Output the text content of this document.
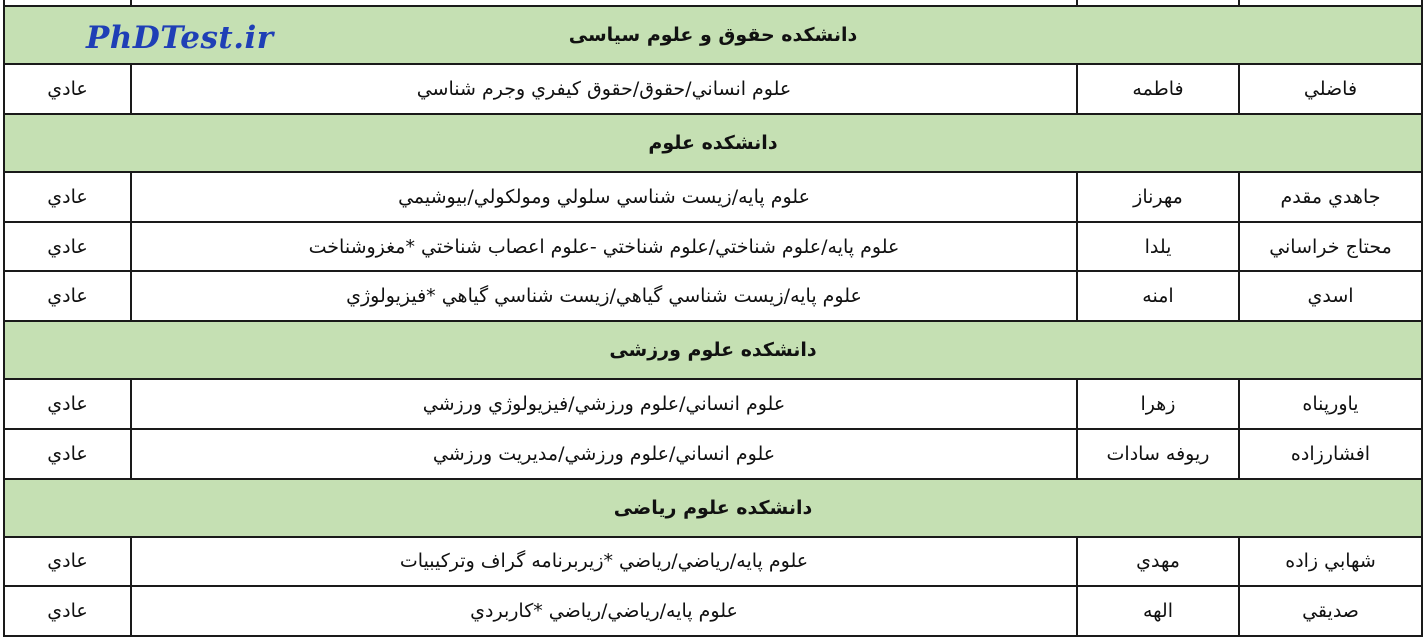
PhDTest.ir
				دانشکده حقوق و علوم سیاسی			
فاضلي	فاطمه	علوم انساني/حقوق/حقوق کيفري وجرم شناسي	عادي
دانشکده علوم			
جاهدي مقدم	مهرناز	علوم پايه/زيست شناسي سلولي ومولکولي/بيوشيمي	عادي
محتاج خراساني	يلدا	علوم پايه/علوم شناختي/علوم شناختي -علوم اعصاب شناختي *مغزوشناخت	عادي
اسدي	امنه	علوم پايه/زيست شناسي گياهي/زيست شناسي گياهي *فيزيولوژي	عادي
دانشکده علوم ورزشی			
ياورپناه	زهرا	علوم انساني/علوم ورزشي/فيزيولوژي ورزشي	عادي
افشارزاده	ريوفه سادات	علوم انساني/علوم ورزشي/مديريت ورزشي	عادي
دانشکده علوم ریاضی			
شهابي زاده	مهدي	علوم پايه/رياضي/رياضي *زيربرنامه گراف وترکيبيات	عادي
صديقي	الهه	علوم پايه/رياضي/رياضي *کاربردي	عادي
